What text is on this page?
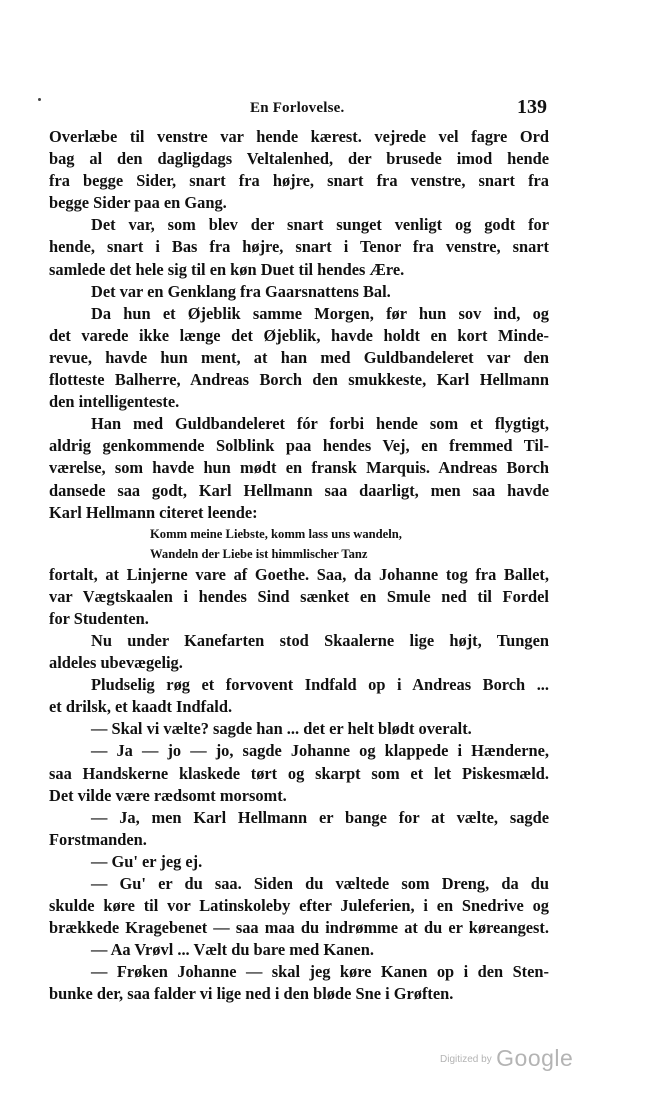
En Forlovelse.	139
Overlæbe til venstre var hende kærest. vejrede vel fagre Ord
bag al den dagligdags Veltalenhed, der brusede imod hende
fra begge Sider, snart fra højre, snart fra venstre, snart fra
begge Sider paa en Gang.
Det var, som blev der snart sunget venligt og godt for
hende, snart i Bas fra højre, snart i Tenor fra venstre, snart
samlede det hele sig til en køn Duet til hendes Ære.
Det var en Genklang fra Gaarsnattens Bal.
Da hun et Øjeblik samme Morgen, før hun sov ind, og
det varede ikke længe det Øjeblik, havde holdt en kort Minde-
revue, havde hun ment, at han med Guldbandeleret var den
flotteste Balherre, Andreas Borch den smukkeste, Karl Hellmann
den intelligenteste.
Han med Guldbandeleret fór forbi hende som et flygtigt,
aldrig genkommende Solblink paa hendes Vej, en fremmed Til-
værelse, som havde hun mødt en fransk Marquis. Andreas Borch
dansede saa godt, Karl Hellmann saa daarligt, men saa havde
Karl Hellmann citeret leende:
Komm meine Liebste, komm lass uns wandeln,
Wandeln der Liebe ist himmlischer Tanz
fortalt, at Linjerne vare af Goethe. Saa, da Johanne tog fra Ballet,
var Vægtskaalen i hendes Sind sænket en Smule ned til Fordel
for Studenten.
Nu under Kanefarten stod Skaalerne lige højt, Tungen
aldeles ubevægelig.
Pludselig røg et forvovent Indfald op i Andreas Borch ...
et drilsk, et kaadt Indfald.
— Skal vi vælte? sagde han ... det er helt blødt overalt.
— Ja — jo — jo, sagde Johanne og klappede i Hænderne,
saa Handskerne klaskede tørt og skarpt som et let Piskesmæld.
Det vilde være rædsomt morsomt.
— Ja, men Karl Hellmann er bange for at vælte, sagde
Forstmanden.
— Gu' er jeg ej.
— Gu' er du saa. Siden du væltede som Dreng, da du
skulde køre til vor Latinskoleby efter Juleferien, i en Snedrive og
brækkede Kragebenet — saa maa du indrømme at du er køreangest.
— Aa Vrøvl ... Vælt du bare med Kanen.
— Frøken Johanne — skal jeg køre Kanen op i den Sten-
bunke der, saa falder vi lige ned i den bløde Sne i Grøften.
$^{Digitized by}$ Google
